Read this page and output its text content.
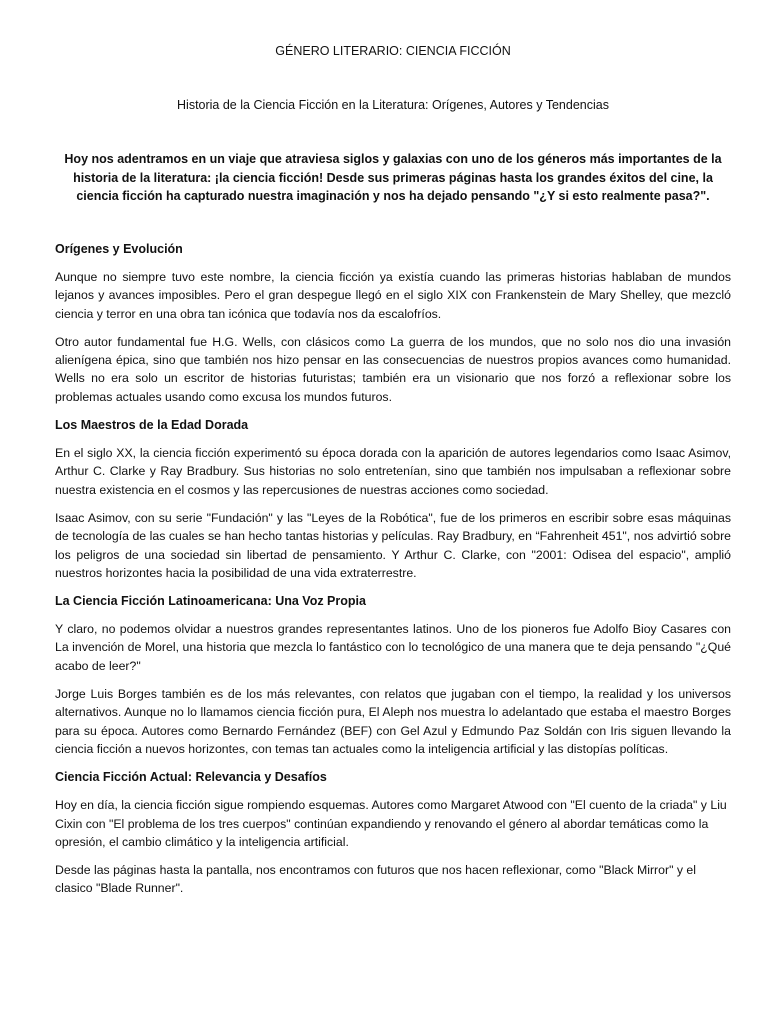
GÉNERO LITERARIO: CIENCIA FICCIÓN
Historia de la Ciencia Ficción en la Literatura: Orígenes, Autores y Tendencias

Hoy nos adentramos en un viaje que atraviesa siglos y galaxias con uno de los géneros más importantes de la historia de la literatura: ¡la ciencia ficción! Desde sus primeras páginas hasta los grandes éxitos del cine, la ciencia ficción ha capturado nuestra imaginación y nos ha dejado pensando "¿Y si esto realmente pasa?".

Orígenes y Evolución

Aunque no siempre tuvo este nombre, la ciencia ficción ya existía cuando las primeras historias hablaban de mundos lejanos y avances imposibles. Pero el gran despegue llegó en el siglo XIX con Frankenstein de Mary Shelley, que mezcló ciencia y terror en una obra tan icónica que todavía nos da escalofríos.

Otro autor fundamental fue H.G. Wells, con clásicos como La guerra de los mundos, que no solo nos dio una invasión alienígena épica, sino que también nos hizo pensar en las consecuencias de nuestros propios avances como humanidad. Wells no era solo un escritor de historias futuristas; también era un visionario que nos forzó a reflexionar sobre los problemas actuales usando como excusa los mundos futuros.

Los Maestros de la Edad Dorada

En el siglo XX, la ciencia ficción experimentó su época dorada con la aparición de autores legendarios como Isaac Asimov, Arthur C. Clarke y Ray Bradbury. Sus historias no solo entretenían, sino que también nos impulsaban a reflexionar sobre nuestra existencia en el cosmos y las repercusiones de nuestras acciones como sociedad.

Isaac Asimov, con su serie "Fundación" y las "Leyes de la Robótica", fue de los primeros en escribir sobre esas máquinas de tecnología de las cuales se han hecho tantas historias y películas. Ray Bradbury, en “Fahrenheit 451", nos advirtió sobre los peligros de una sociedad sin libertad de pensamiento. Y Arthur C. Clarke, con "2001: Odisea del espacio", amplió nuestros horizontes hacia la posibilidad de una vida extraterrestre.

La Ciencia Ficción Latinoamericana: Una Voz Propia

Y claro, no podemos olvidar a nuestros grandes representantes latinos. Uno de los pioneros fue Adolfo Bioy Casares con La invención de Morel, una historia que mezcla lo fantástico con lo tecnológico de una manera que te deja pensando "¿Qué acabo de leer?"

Jorge Luis Borges también es de los más relevantes, con relatos que jugaban con el tiempo, la realidad y los universos alternativos. Aunque no lo llamamos ciencia ficción pura, El Aleph nos muestra lo adelantado que estaba el maestro Borges para su época. Autores como Bernardo Fernández (BEF) con Gel Azul y Edmundo Paz Soldán con Iris siguen llevando la ciencia ficción a nuevos horizontes, con temas tan actuales como la inteligencia artificial y las distopías políticas.

Ciencia Ficción Actual: Relevancia y Desafíos

Hoy en día, la ciencia ficción sigue rompiendo esquemas. Autores como Margaret Atwood con "El cuento de la criada" y Liu Cixin con "El problema de los tres cuerpos" continúan expandiendo y renovando el género al abordar temáticas como la opresión, el cambio climático y la inteligencia artificial.

Desde las páginas hasta la pantalla, nos encontramos con futuros que nos hacen reflexionar, como "Black Mirror" y el clasico "Blade Runner".
